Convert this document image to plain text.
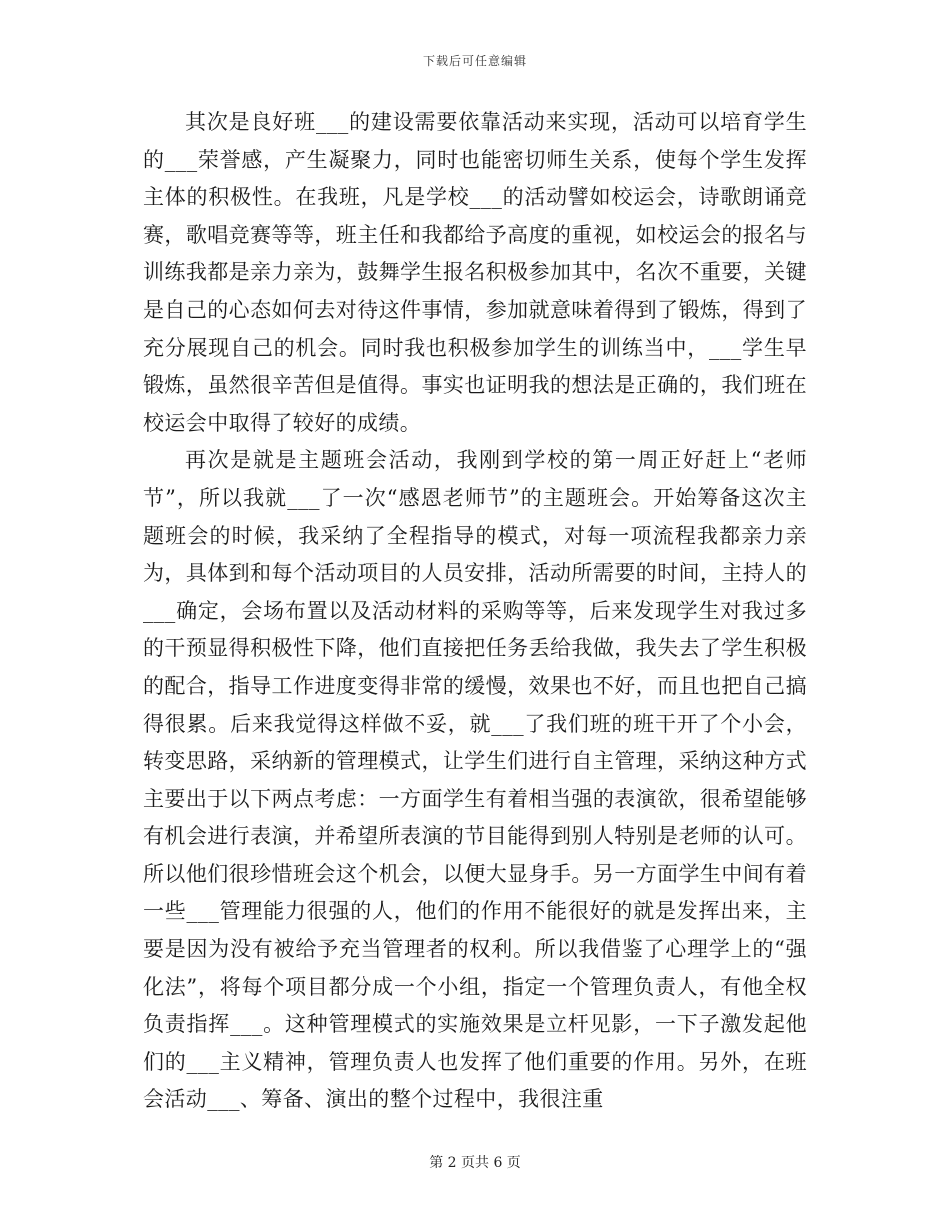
下载后可任意编辑

其次是良好班___的建设需要依靠活动来实现，活动可以培育学生的___荣誉感，产生凝聚力，同时也能密切师生关系，使每个学生发挥主体的积极性。在我班，凡是学校___的活动譬如校运会，诗歌朗诵竞赛，歌唱竞赛等等，班主任和我都给予高度的重视，如校运会的报名与训练我都是亲力亲为，鼓舞学生报名积极参加其中，名次不重要，关键是自己的心态如何去对待这件事情，参加就意味着得到了锻炼，得到了充分展现自己的机会。同时我也积极参加学生的训练当中，___学生早锻炼，虽然很辛苦但是值得。事实也证明我的想法是正确的，我们班在校运会中取得了较好的成绩。

再次是就是主题班会活动，我刚到学校的第一周正好赶上“老师节”，所以我就___了一次“感恩老师节”的主题班会。开始筹备这次主题班会的时候，我采纳了全程指导的模式，对每一项流程我都亲力亲为，具体到和每个活动项目的人员安排，活动所需要的时间，主持人的___确定，会场布置以及活动材料的采购等等，后来发现学生对我过多的干预显得积极性下降，他们直接把任务丢给我做，我失去了学生积极的配合，指导工作进度变得非常的缓慢，效果也不好，而且也把自己搞得很累。后来我觉得这样做不妥，就___了我们班的班干开了个小会，转变思路，采纳新的管理模式，让学生们进行自主管理，采纳这种方式主要出于以下两点考虑：一方面学生有着相当强的表演欲，很希望能够有机会进行表演，并希望所表演的节目能得到别人特别是老师的认可。所以他们很珍惜班会这个机会，以便大显身手。另一方面学生中间有着一些___管理能力很强的人，他们的作用不能很好的就是发挥出来，主要是因为没有被给予充当管理者的权利。所以我借鉴了心理学上的“强化法”，将每个项目都分成一个小组，指定一个管理负责人，有他全权负责指挥___。这种管理模式的实施效果是立杆见影，一下子激发起他们的___主义精神，管理负责人也发挥了他们重要的作用。另外，在班会活动___、筹备、演出的整个过程中，我很注重

第 2 页共 6 页
